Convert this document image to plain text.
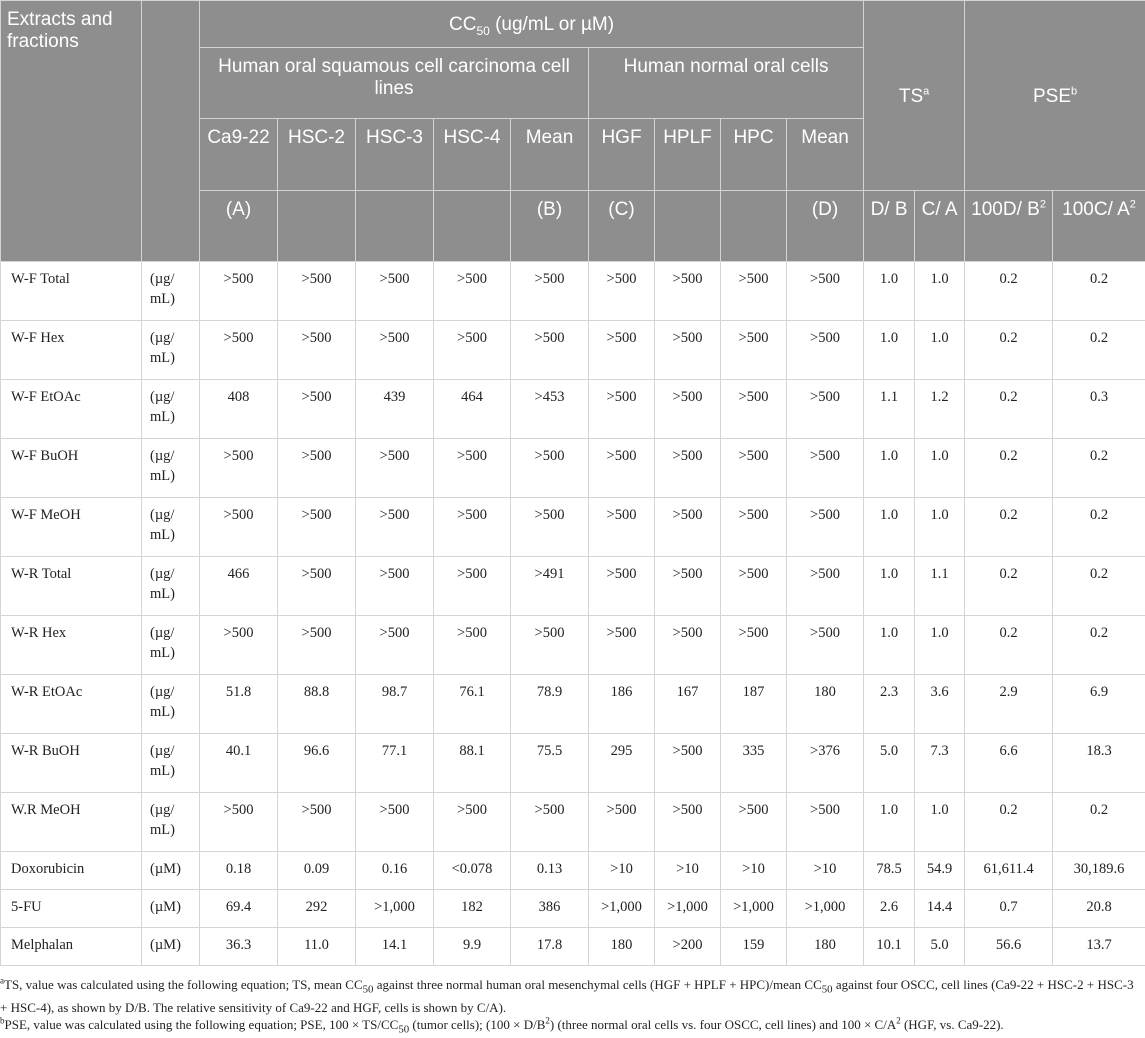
Extracts and fractions		$CC_{50}$ (ug/mL or µM)									$TS^a$		PSE$^b$
		Human oral squamous cell carcinoma cell lines					Human normal oral cells							
		Ca9-22	HSC-2	HSC-3	HSC-4	Mean	HGF	HPLF	HPC	Mean				
		(A)				(B)	(C)			(D)	D/ B	C/ A	100D/ $B^2$	100C/ $A^2$
W-F Total	(µg/ mL)	>500	>500	>500	>500	>500	>500	>500	>500	>500	1.0	1.0	0.2	0.2
W-F Hex	(µg/ mL)	>500	>500	>500	>500	>500	>500	>500	>500	>500	1.0	1.0	0.2	0.2
W-F EtOAc	(µg/ mL)	408	>500	439	464	>453	>500	>500	>500	>500	1.1	1.2	0.2	0.3
W-F BuOH	(µg/ mL)	>500	>500	>500	>500	>500	>500	>500	>500	>500	1.0	1.0	0.2	0.2
W-F MeOH	(µg/ mL)	>500	>500	>500	>500	>500	>500	>500	>500	>500	1.0	1.0	0.2	0.2
W-R Total	(µg/ mL)	466	>500	>500	>500	>491	>500	>500	>500	>500	1.0	1.1	0.2	0.2
W-R Hex	(µg/ mL)	>500	>500	>500	>500	>500	>500	>500	>500	>500	1.0	1.0	0.2	0.2
W-R EtOAc	(µg/ mL)	51.8	88.8	98.7	76.1	78.9	186	167	187	180	2.3	3.6	2.9	6.9
W-R BuOH	(µg/ mL)	40.1	96.6	77.1	88.1	75.5	295	>500	335	>376	5.0	7.3	6.6	18.3
W.R MeOH	(µg/ mL)	>500	>500	>500	>500	>500	>500	>500	>500	>500	1.0	1.0	0.2	0.2
Doxorubicin	(µM)	0.18	0.09	0.16	<0.078	0.13	>10	>10	>10	>10	78.5	54.9	61,611.4	30,189.6
5-FU	(µM)	69.4	292	>1,000	182	386	>1,000	>1,000	>1,000	>1,000	2.6	14.4	0.7	20.8
Melphalan	(µM)	36.3	11.0	14.1	9.9	17.8	180	>200	159	180	10.1	5.0	56.6	13.7

$^a$TS, value was calculated using the following equation; TS, mean $CC_{50}$ against three normal human oral mesenchymal cells (HGF + HPLF + HPC)/mean $CC_{50}$ against four OSCC, cell lines (Ca9-22 + HSC-2 + HSC-3 + HSC-4), as shown by D/B. The relative sensitivity of Ca9-22 and HGF, cells is shown by C/A).

$^b$PSE, value was calculated using the following equation; PSE, $100 \times TS/CC_{50}$ (tumor cells); $(100 \times D/B^2)$ (three normal oral cells vs. four OSCC, cell lines) and $100 \times C/A^2$ (HGF, vs. Ca9-22).
